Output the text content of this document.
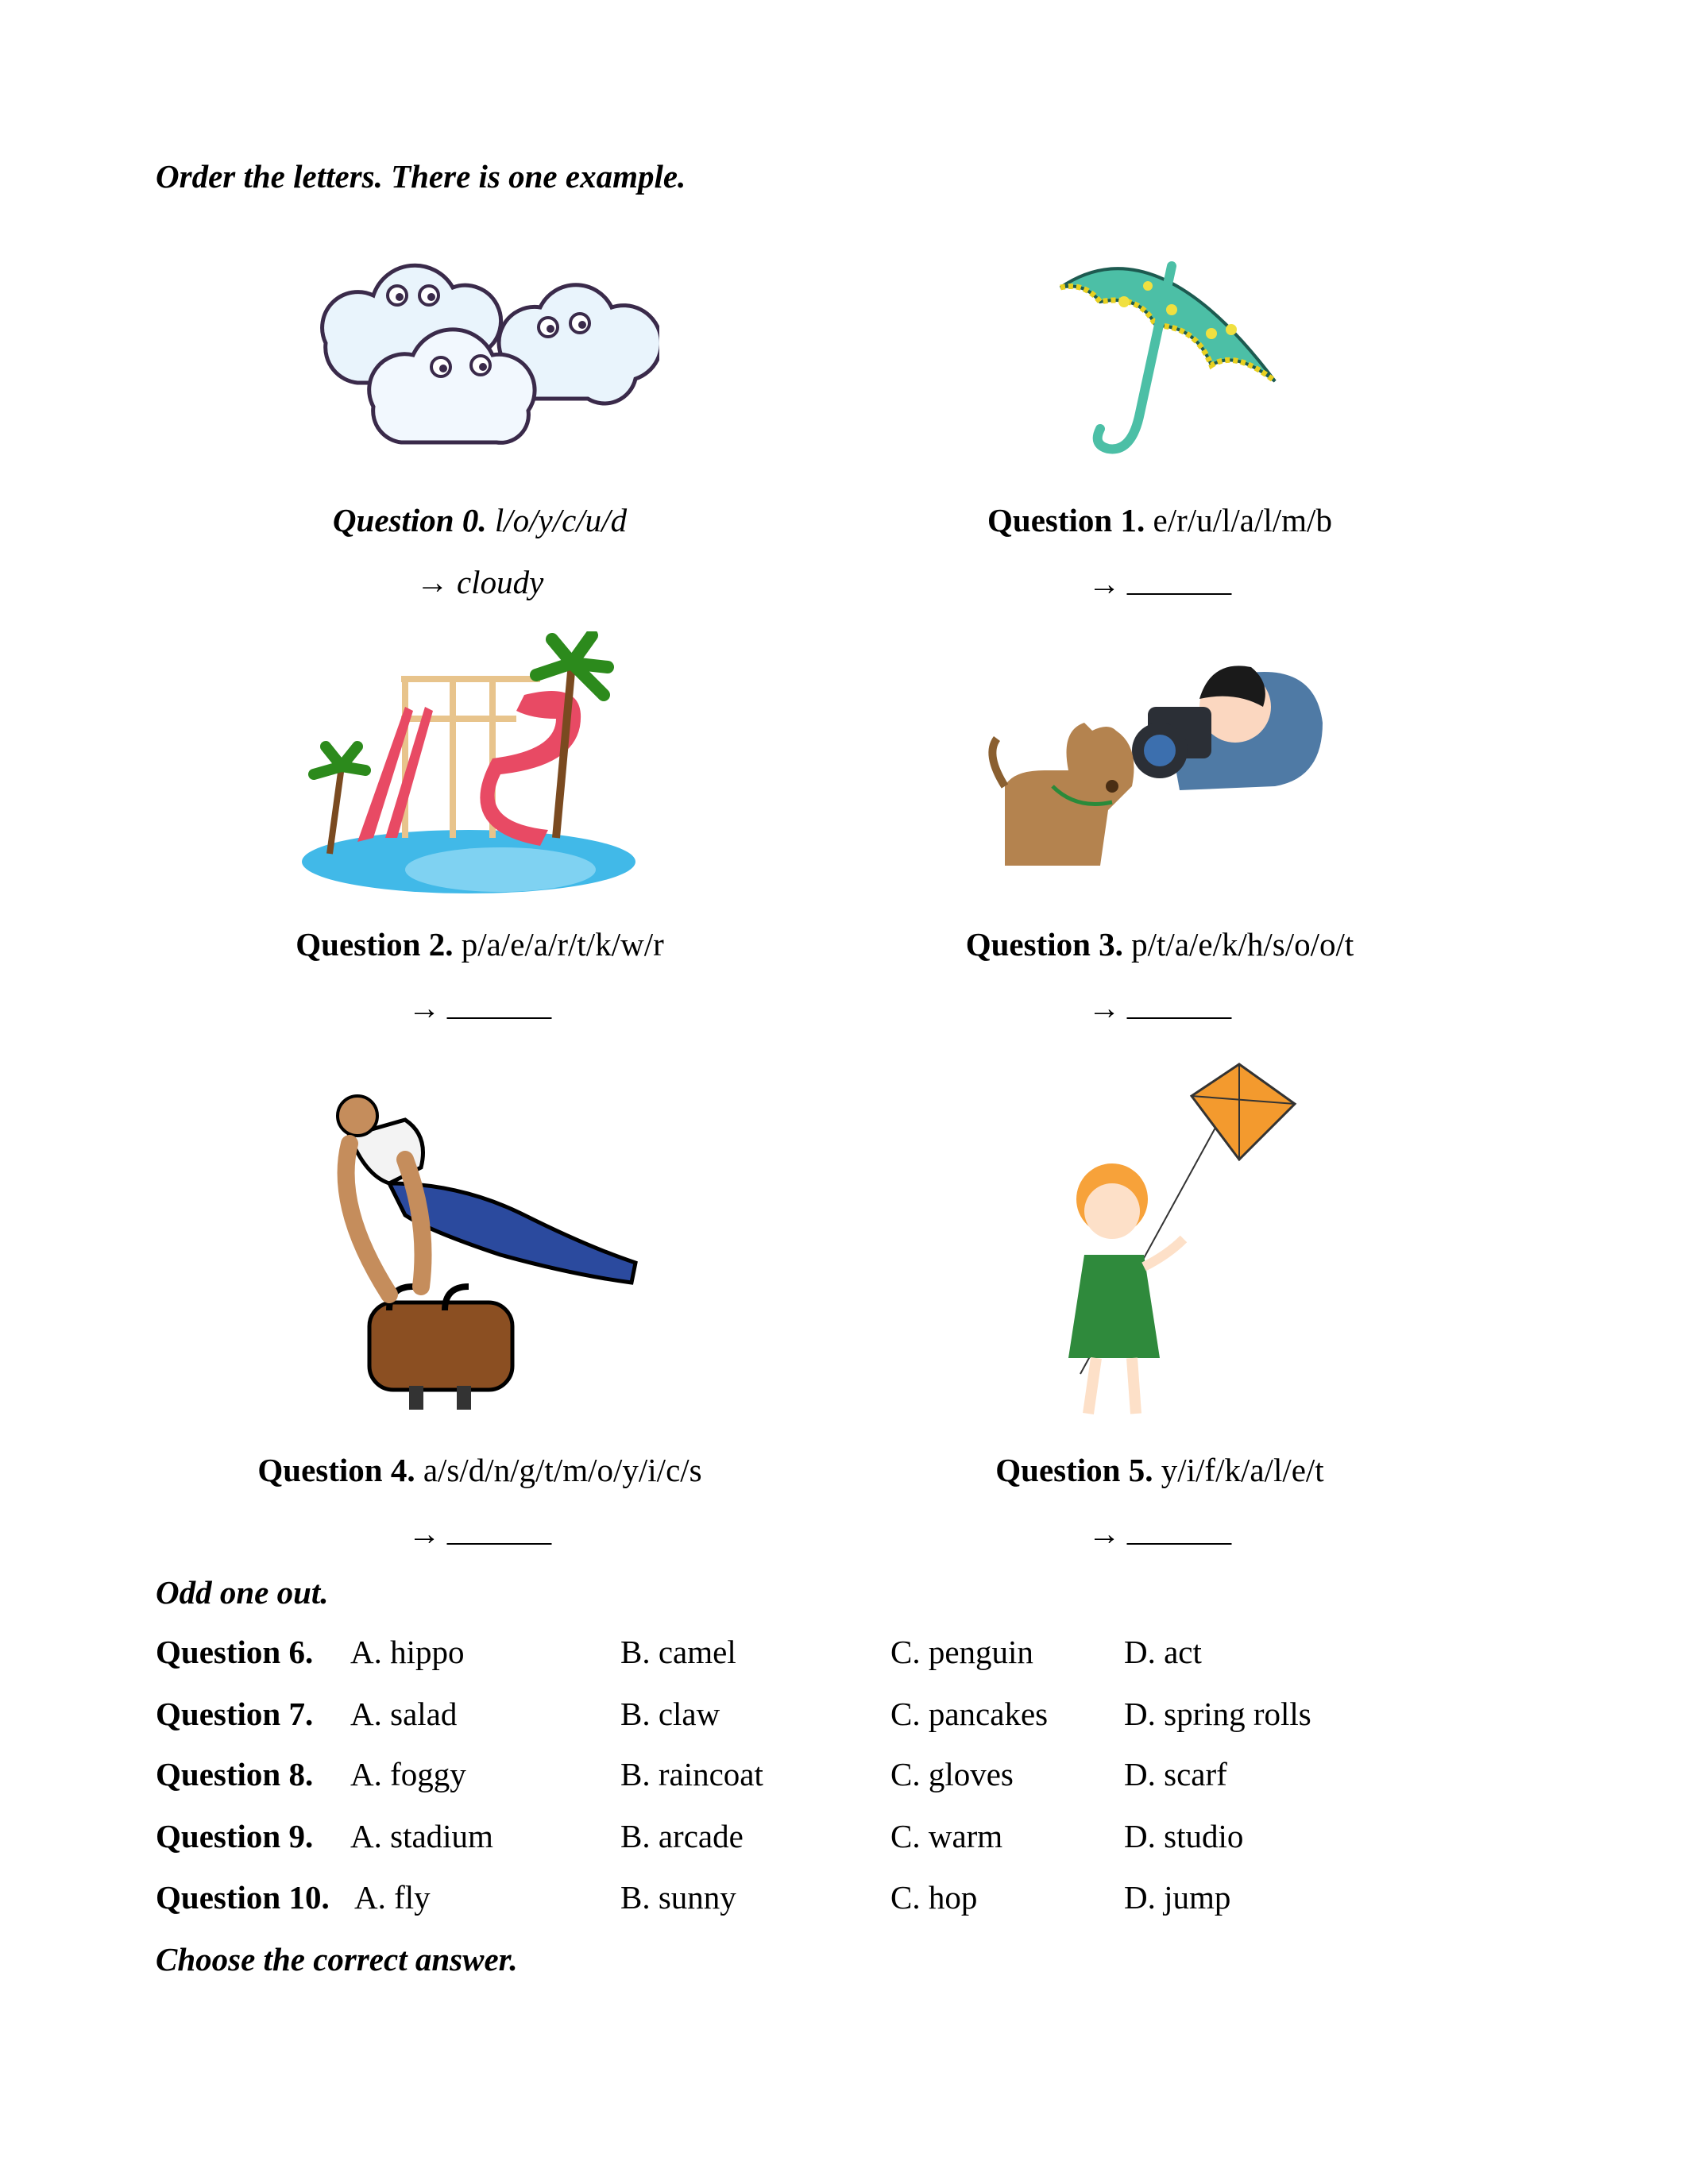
Order the letters. There is one example.
Question 0. l/o/y/c/u/d
→ cloudy
Question 1. e/r/u/l/a/l/m/b
→
Question 2. p/a/e/a/r/t/k/w/r
→
Question 3. p/t/a/e/k/h/s/o/o/t
→
Question 4. a/s/d/n/g/t/m/o/y/i/c/s
→
Question 5. y/i/f/k/a/l/e/t
→
Odd one out.
Question 6. A. hippo	B. camel	C. penguin	D. act
Question 7. A. salad	B. claw	C. pancakes D. spring rolls
Question 8. A. foggy	B. raincoat	C. gloves	D. scarf
Question 9. A. stadium	B. arcade	C. warm	D. studio
Question 10. A. fly	B. sunny	C. hop	D. jump
Choose the correct answer.
